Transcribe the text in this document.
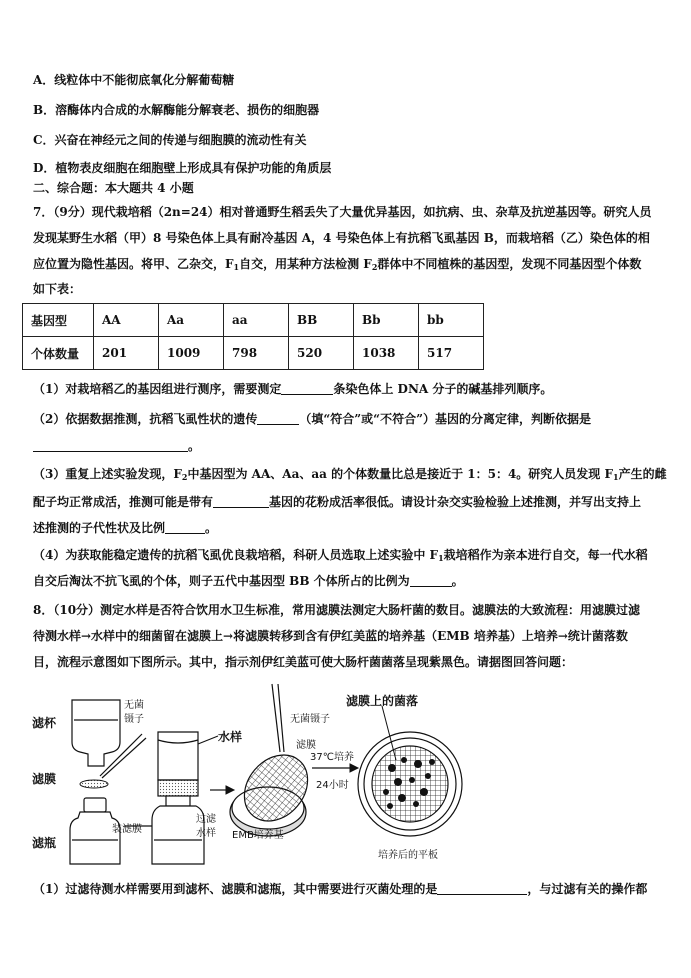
A．线粒体中不能彻底氧化分解葡萄糖
B．溶酶体内合成的水解酶能分解衰老、损伤的细胞器
C．兴奋在神经元之间的传递与细胞膜的流动性有关
D．植物表皮细胞在细胞壁上形成具有保护功能的角质层
二、综合题：本大题共 4 小题
7．（9分）现代栽培稻（2n=24）相对普通野生稻丢失了大量优异基因，如抗病、虫、杂草及抗逆基因等。研究人员
发现某野生水稻（甲）8 号染色体上具有耐冷基因 A，4 号染色体上有抗稻飞虱基因 B，而栽培稻（乙）染色体的相
应位置为隐性基因。将甲、乙杂交，$F_1$自交，用某种方法检测 $F_2$群体中不同植株的基因型，发现不同基因型个体数
如下表：
基因型	AA	Aa	aa	BB	Bb	bb
个体数量	201	1009	798	520	1038	517
（1）对栽培稻乙的基因组进行测序，需要测定	条染色体上 DNA 分子的碱基排列顺序。
（2）依据数据推测，抗稻飞虱性状的遗传	（填“符合”或“不符合”）基因的分离定律，判断依据是
。
（3）重复上述实验发现，$F_2$中基因型为 AA、Aa、aa 的个体数量比总是接近于 1：5：4。研究人员发现 $F_1$产生的雌
配子均正常成活，推测可能是带有	基因的花粉成活率很低。请设计杂交实验检验上述推测，并写出支持上
述推测的子代性状及比例	。
（4）为获取能稳定遗传的抗稻飞虱优良栽培稻，科研人员选取上述实验中 $F_1$栽培稻作为亲本进行自交，每一代水稻
自交后淘汰不抗飞虱的个体，则子五代中基因型 BB 个体所占的比例为	。
8．（10分）测定水样是否符合饮用水卫生标准，常用滤膜法测定大肠杆菌的数目。滤膜法的大致流程：用滤膜过滤
待测水样→水样中的细菌留在滤膜上→将滤膜转移到含有伊红美蓝的培养基（EMB 培养基）上培养→统计菌落数
目，流程示意图如下图所示。其中，指示剂伊红美蓝可使大肠杆菌菌落呈现紫黑色。请据图回答问题：
滤杯
滤膜
滤瓶
无菌
镊子
水样
装滤膜
过滤
水样
无菌镊子
滤膜
EMB培养基
37℃培养
24小时
滤膜上的菌落
培养后的平板
（1）过滤待测水样需要用到滤杯、滤膜和滤瓶，其中需要进行灭菌处理的是	，与过滤有关的操作都
